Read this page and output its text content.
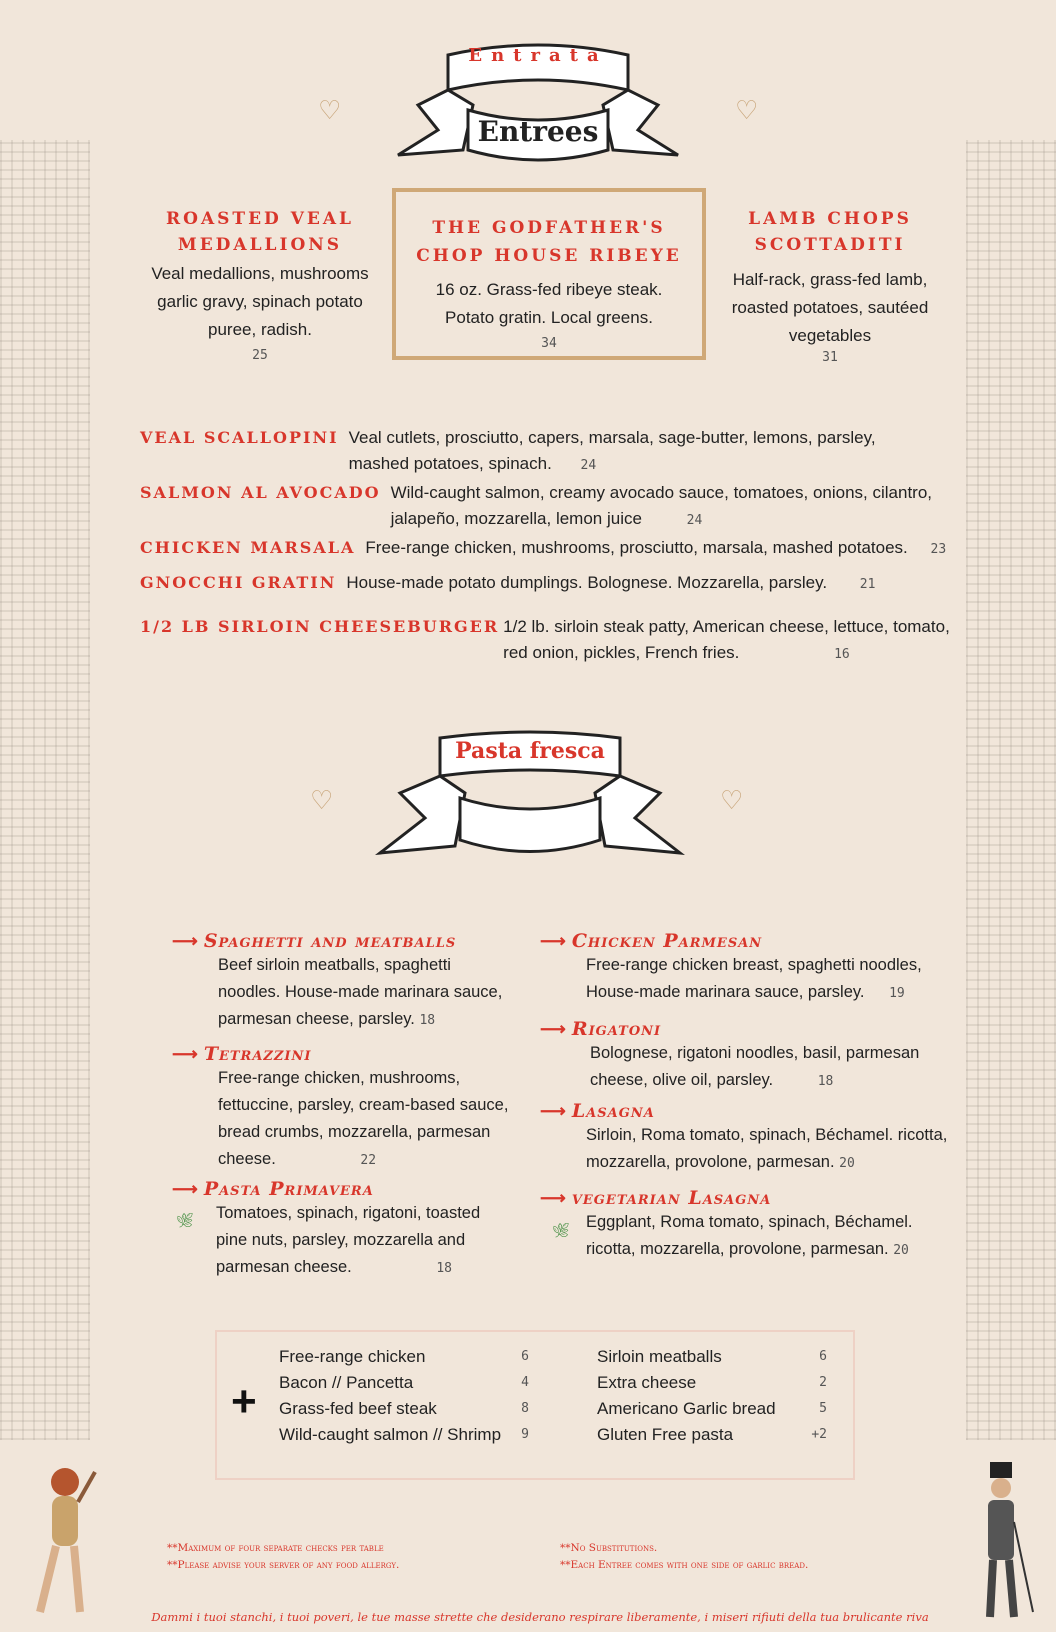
Entrata
Entrees
♡	♡
ROASTED VEAL MEDALLIONS
Veal medallions, mushrooms garlic gravy, spinach potato puree, radish.
25
THE GODFATHER'S CHOP HOUSE RIBEYE
16 oz. Grass-fed ribeye steak. Potato gratin. Local greens.
34
LAMB CHOPS SCOTTADITI
Half-rack, grass-fed lamb, roasted potatoes, sautéed vegetables
31
VEAL SCALLOPINI Veal cutlets, prosciutto, capers, marsala, sage-butter, lemons, parsley, mashed potatoes, spinach. 24
SALMON AL AVOCADO Wild-caught salmon, creamy avocado sauce, tomatoes, onions, cilantro, jalapeño, mozzarella, lemon juice	24
CHICKEN MARSALA Free-range chicken, mushrooms, prosciutto, marsala, mashed potatoes. 23
GNOCCHI GRATIN House-made potato dumplings. Bolognese. Mozzarella, parsley.	21
1/2 LB SIRLOIN CHEESEBURGER 1/2 lb. sirloin steak patty, American cheese, lettuce, tomato, red onion, pickles, French fries.	16
Pasta fresca
♡	♡
⟶ Spaghetti and meatballs
Beef sirloin meatballs, spaghetti noodles. House-made marinara sauce, parmesan cheese, parsley. 18
⟶ Tetrazzini
Free-range chicken, mushrooms, fettuccine, parsley, cream-based sauce, bread crumbs, mozzarella, parmesan cheese.	22
⟶ Pasta Primavera
Tomatoes, spinach, rigatoni, toasted pine nuts, parsley, mozzarella and parmesan cheese.	18
🌿︎
⟶ Chicken Parmesan
Free-range chicken breast, spaghetti noodles, House-made marinara sauce, parsley. 19
⟶ Rigatoni
Bolognese, rigatoni noodles, basil, parmesan cheese, olive oil, parsley.	18
⟶ Lasagna
Sirloin, Roma tomato, spinach, Béchamel. ricotta, mozzarella, provolone, parmesan. 20
⟶ vegetarian Lasagna
Eggplant, Roma tomato, spinach, Béchamel. ricotta, mozzarella, provolone, parmesan. 20
🌿︎
+
Free-range chicken	6
Bacon // Pancetta	4
Grass-fed beef steak	8
Wild-caught salmon // Shrimp 9
Sirloin meatballs	6
Extra cheese	2
Americano Garlic bread	5
Gluten Free pasta	+2
**Maximum of four separate checks per table
**Please advise your server of any food allergy.
**No Substitutions.
**Each Entree comes with one side of garlic bread.
Dammi i tuoi stanchi, i tuoi poveri, le tue masse strette che desiderano respirare liberamente, i miseri rifiuti della tua brulicante riva
